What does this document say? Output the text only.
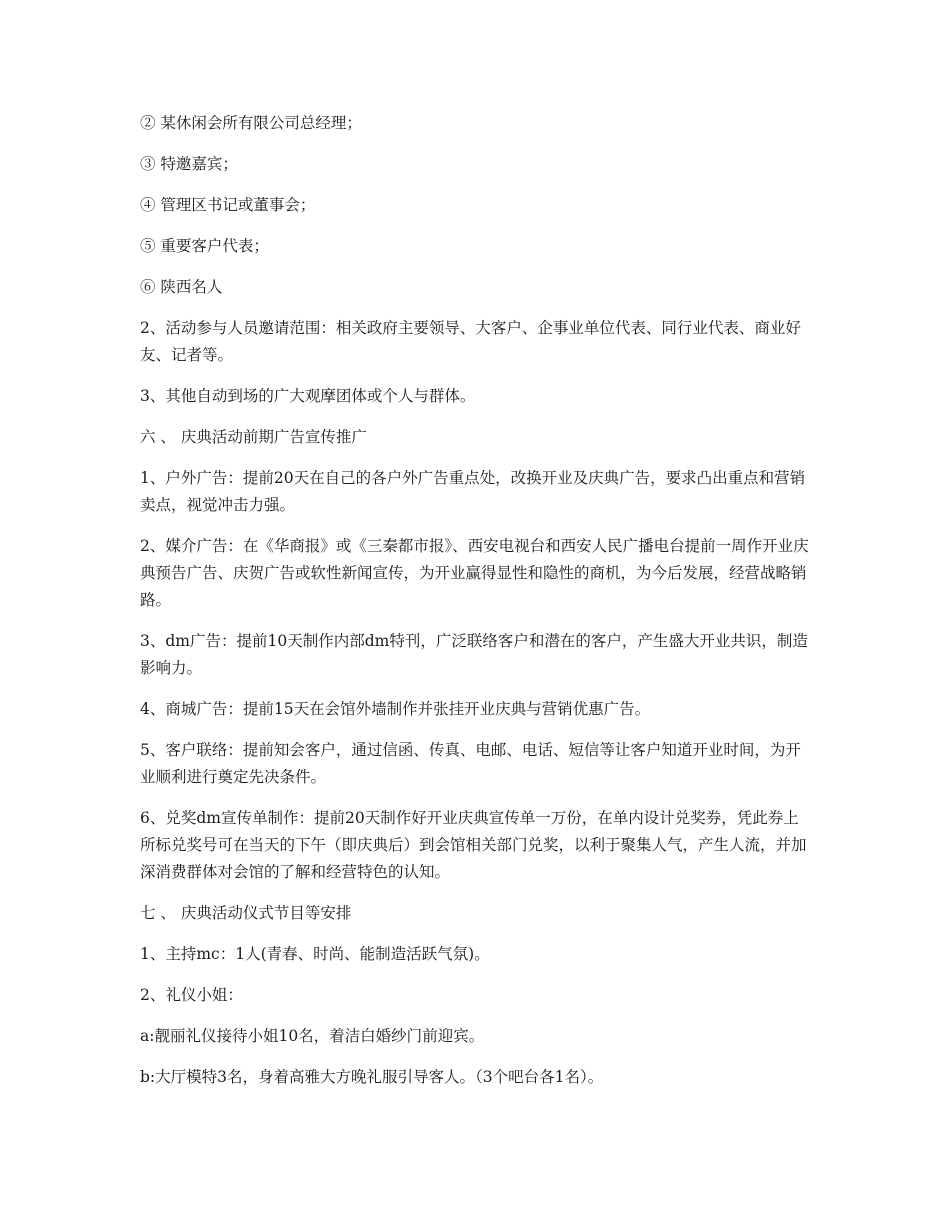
② 某休闲会所有限公司总经理；

③ 特邀嘉宾；

④ 管理区书记或董事会；

⑤ 重要客户代表；

⑥ 陕西名人

2、活动参与人员邀请范围：相关政府主要领导、大客户、企事业单位代表、同行业代表、商业好友、记者等。

3、其他自动到场的广大观摩团体或个人与群体。

六 、 庆典活动前期广告宣传推广

1、户外广告：提前20天在自己的各户外广告重点处，改换开业及庆典广告，要求凸出重点和营销卖点，视觉冲击力强。

2、媒介广告：在《华商报》或《三秦都市报》、西安电视台和西安人民广播电台提前一周作开业庆典预告广告、庆贺广告或软性新闻宣传，为开业赢得显性和隐性的商机，为今后发展，经营战略销路。

3、dm广告：提前10天制作内部dm特刊，广泛联络客户和潜在的客户，产生盛大开业共识，制造影响力。

4、商城广告：提前15天在会馆外墙制作并张挂开业庆典与营销优惠广告。

5、客户联络：提前知会客户，通过信函、传真、电邮、电话、短信等让客户知道开业时间，为开业顺利进行奠定先决条件。

6、兑奖dm宣传单制作：提前20天制作好开业庆典宣传单一万份，在单内设计兑奖券，凭此券上所标兑奖号可在当天的下午（即庆典后）到会馆相关部门兑奖，以利于聚集人气，产生人流，并加深消费群体对会馆的了解和经营特色的认知。

七 、 庆典活动仪式节目等安排

1、主持mc：1人(青春、时尚、能制造活跃气氛)。

2、礼仪小姐：

a:靓丽礼仪接待小姐10名，着洁白婚纱门前迎宾。

b:大厅模特3名，身着高雅大方晚礼服引导客人。（3个吧台各1名）。
